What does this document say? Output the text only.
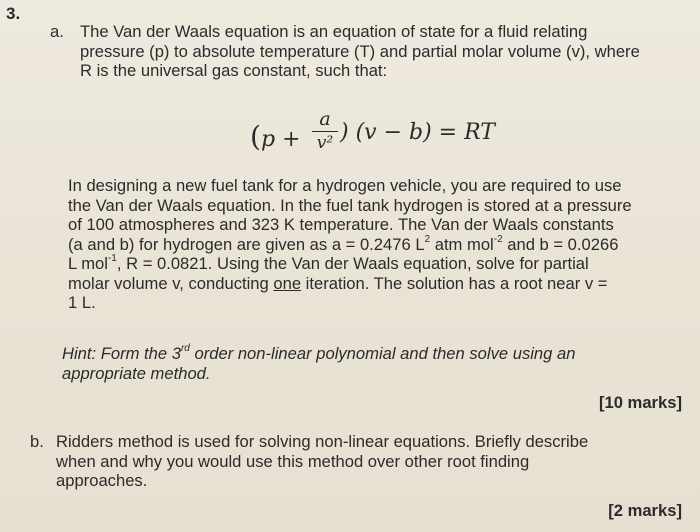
3.
a. The Van der Waals equation is an equation of state for a fluid relating
pressure (p) to absolute temperature (T) and partial molar volume (v), where
R is the universal gas constant, such that:
($p + \frac{a}{\text{v²}}$ ) (v − b) = RT
In designing a new fuel tank for a hydrogen vehicle, you are required to use
the Van der Waals equation. In the fuel tank hydrogen is stored at a pressure
of 100 atmospheres and 323 K temperature. The Van der Waals constants
(a and b) for hydrogen are given as a = 0.2476 $L^2$ atm mol$^{-2}$ and b = 0.0266
L mol$^{-1}$, R = 0.0821. Using the Van der Waals equation, solve for partial
molar volume v, conducting one iteration. The solution has a root near v =
1 L.
Hint: Form the 3rd order non-linear polynomial and then solve using an
appropriate method.
[10 marks]
b. Ridders method is used for solving non-linear equations. Briefly describe
when and why you would use this method over other root finding
approaches.
[2 marks]
